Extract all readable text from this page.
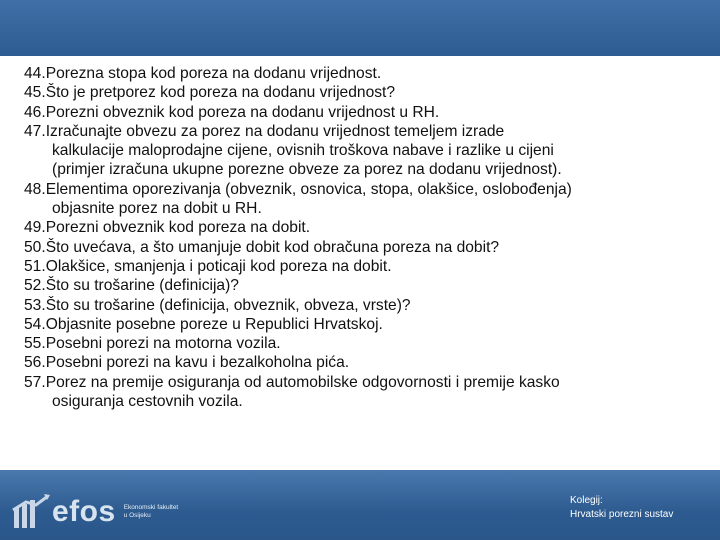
44. Porezna stopa kod poreza na dodanu vrijednost.
45. Što je pretporez kod poreza na dodanu vrijednost?
46. Porezni obveznik kod poreza na dodanu vrijednost u RH.
47. Izračunajte obvezu za porez na dodanu vrijednost temeljem izrade
kalkulacije maloprodajne cijene, ovisnih troškova nabave i razlike u cijeni
(primjer izračuna ukupne porezne obveze za porez na dodanu vrijednost).
48. Elementima oporezivanja (obveznik, osnovica, stopa, olakšice, oslobođenja)
objasnite porez na dobit u RH.
49. Porezni obveznik kod poreza na dobit.
50. Što uvećava, a što umanjuje dobit kod obračuna poreza na dobit?
51. Olakšice, smanjenja i poticaji kod poreza na dobit.
52. Što su trošarine (definicija)?
53. Što su trošarine (definicija, obveznik, obveza, vrste)?
54. Objasnite posebne poreze u Republici Hrvatskoj.
55. Posebni porezi na motorna vozila.
56. Posebni porezi na kavu i bezalkoholna pića.
57. Porez na premije osiguranja od automobilske odgovornosti i premije kasko
osiguranja cestovnih vozila.
efos Ekonomski fakultet
u Osijeku
Kolegij:
Hrvatski porezni sustav
